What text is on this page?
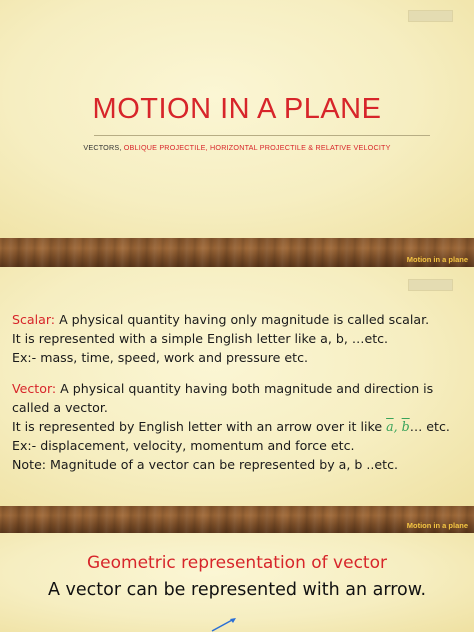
MOTION IN A PLANE
VECTORS, OBLIQUE PROJECTILE, HORIZONTAL PROJECTILE & RELATIVE VELOCITY
Motion in a plane
Scalar: A physical quantity having only magnitude is called scalar.
It is represented with a simple English letter like a, b, …etc.
Ex:- mass, time, speed, work and pressure etc.
Vector: A physical quantity having both magnitude and direction is
called a vector.
It is represented by English letter with an arrow over it like $\overline{a}$, $\overline{b}\dots$ etc.
Ex:- displacement, velocity, momentum and force etc.
Note: Magnitude of a vector can be represented by a, b ..etc.
Motion in a plane
Geometric representation of vector
A vector can be represented with an arrow.
